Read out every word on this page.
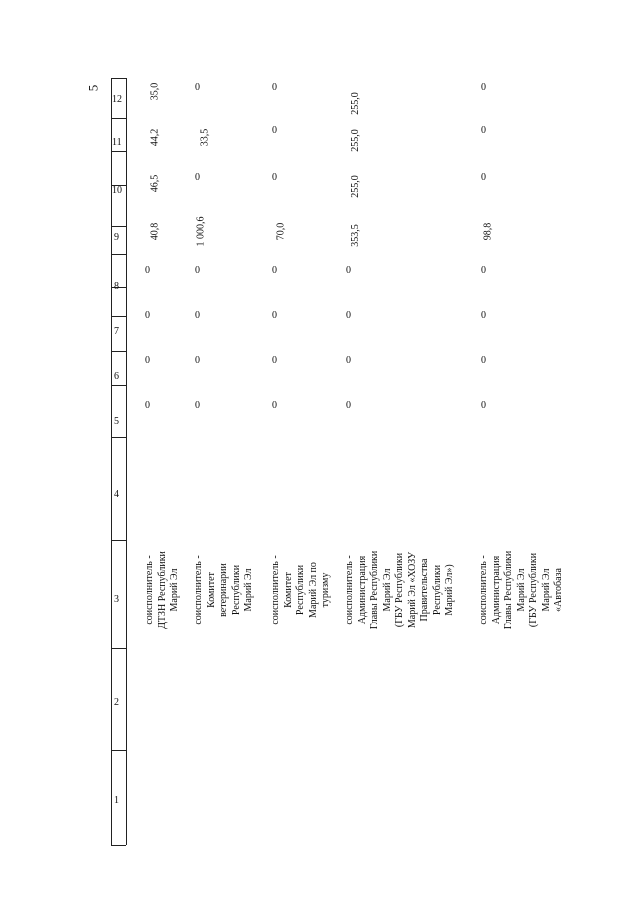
5
12
11
10
9
8
7
6
5
4
3
2
1
35,0
44,2
46,5
40,8
0
0
0
0
соисполнитель - ДТЗН Республики Марий Эл
0
33,5
0
1 000,6
0
0
0
0
соисполнитель - Комитет ветеринарии Республики Марий Эл
0
0
0
70,0
0
0
0
0
соисполнитель - Комитет Республики Марий Эл по туризму
255,0
255,0
255,0
353,5
0
0
0
0
соисполнитель - Администрация Главы Республики Марий Эл (ГБУ Республики Марий Эл «ХОЗУ Правительства Республики Марий Эл»)
0
0
0
98,8
0
0
0
0
соисполнитель - Администрация Главы Республики Марий Эл (ГБУ Республики Марий Эл «Автобаза
